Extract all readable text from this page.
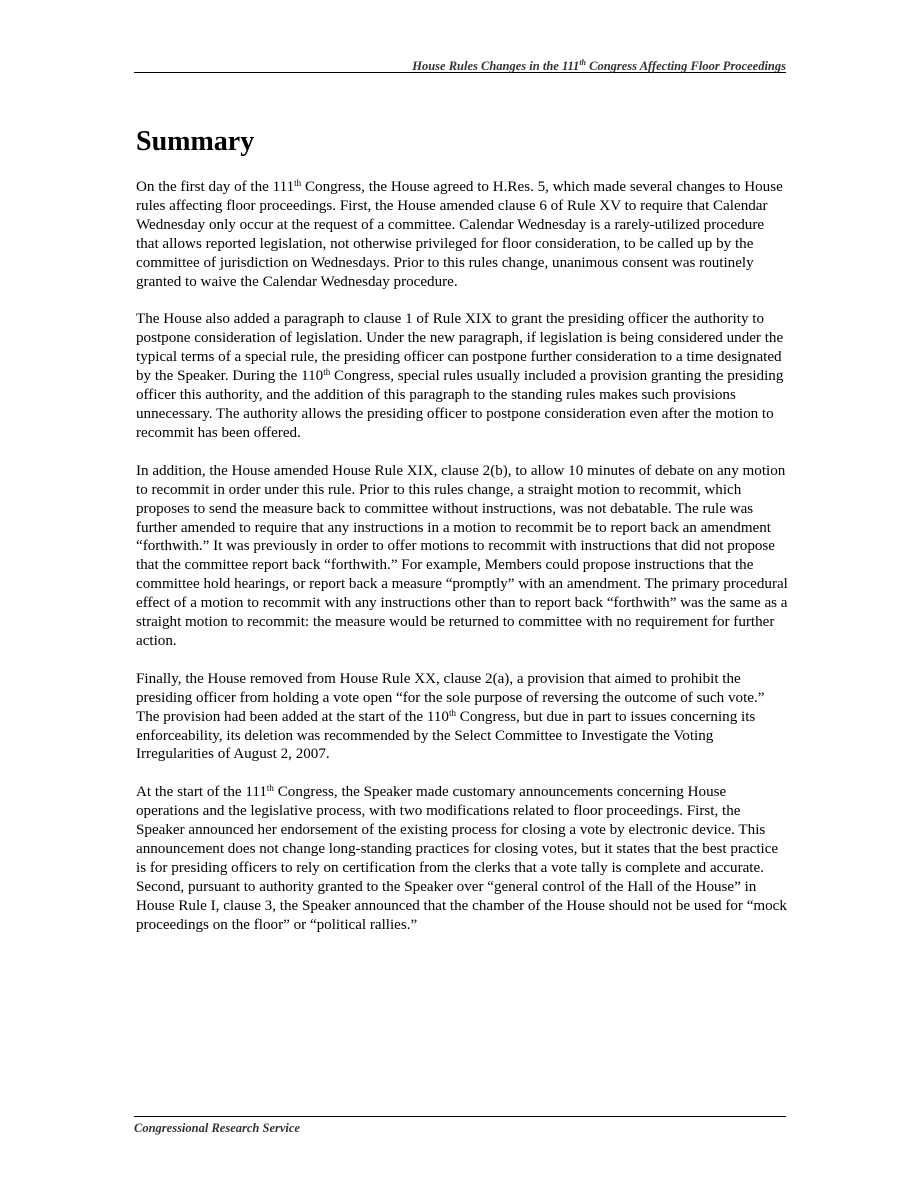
House Rules Changes in the 111th Congress Affecting Floor Proceedings
Summary

On the first day of the 111th Congress, the House agreed to H.Res. 5, which made several changes to House rules affecting floor proceedings. First, the House amended clause 6 of Rule XV to require that Calendar Wednesday only occur at the request of a committee. Calendar Wednesday is a rarely-utilized procedure that allows reported legislation, not otherwise privileged for floor consideration, to be called up by the committee of jurisdiction on Wednesdays. Prior to this rules change, unanimous consent was routinely granted to waive the Calendar Wednesday procedure.

The House also added a paragraph to clause 1 of Rule XIX to grant the presiding officer the authority to postpone consideration of legislation. Under the new paragraph, if legislation is being considered under the typical terms of a special rule, the presiding officer can postpone further consideration to a time designated by the Speaker. During the 110th Congress, special rules usually included a provision granting the presiding officer this authority, and the addition of this paragraph to the standing rules makes such provisions unnecessary. The authority allows the presiding officer to postpone consideration even after the motion to recommit has been offered.

In addition, the House amended House Rule XIX, clause 2(b), to allow 10 minutes of debate on any motion to recommit in order under this rule. Prior to this rules change, a straight motion to recommit, which proposes to send the measure back to committee without instructions, was not debatable. The rule was further amended to require that any instructions in a motion to recommit be to report back an amendment “forthwith.” It was previously in order to offer motions to recommit with instructions that did not propose that the committee report back “forthwith.” For example, Members could propose instructions that the committee hold hearings, or report back a measure “promptly” with an amendment. The primary procedural effect of a motion to recommit with any instructions other than to report back “forthwith” was the same as a straight motion to recommit: the measure would be returned to committee with no requirement for further action.

Finally, the House removed from House Rule XX, clause 2(a), a provision that aimed to prohibit the presiding officer from holding a vote open “for the sole purpose of reversing the outcome of such vote.” The provision had been added at the start of the 110th Congress, but due in part to issues concerning its enforceability, its deletion was recommended by the Select Committee to Investigate the Voting Irregularities of August 2, 2007.

At the start of the 111th Congress, the Speaker made customary announcements concerning House operations and the legislative process, with two modifications related to floor proceedings. First, the Speaker announced her endorsement of the existing process for closing a vote by electronic device. This announcement does not change long-standing practices for closing votes, but it states that the best practice is for presiding officers to rely on certification from the clerks that a vote tally is complete and accurate. Second, pursuant to authority granted to the Speaker over “general control of the Hall of the House” in House Rule I, clause 3, the Speaker announced that the chamber of the House should not be used for “mock proceedings on the floor” or “political rallies.”

Congressional Research Service
